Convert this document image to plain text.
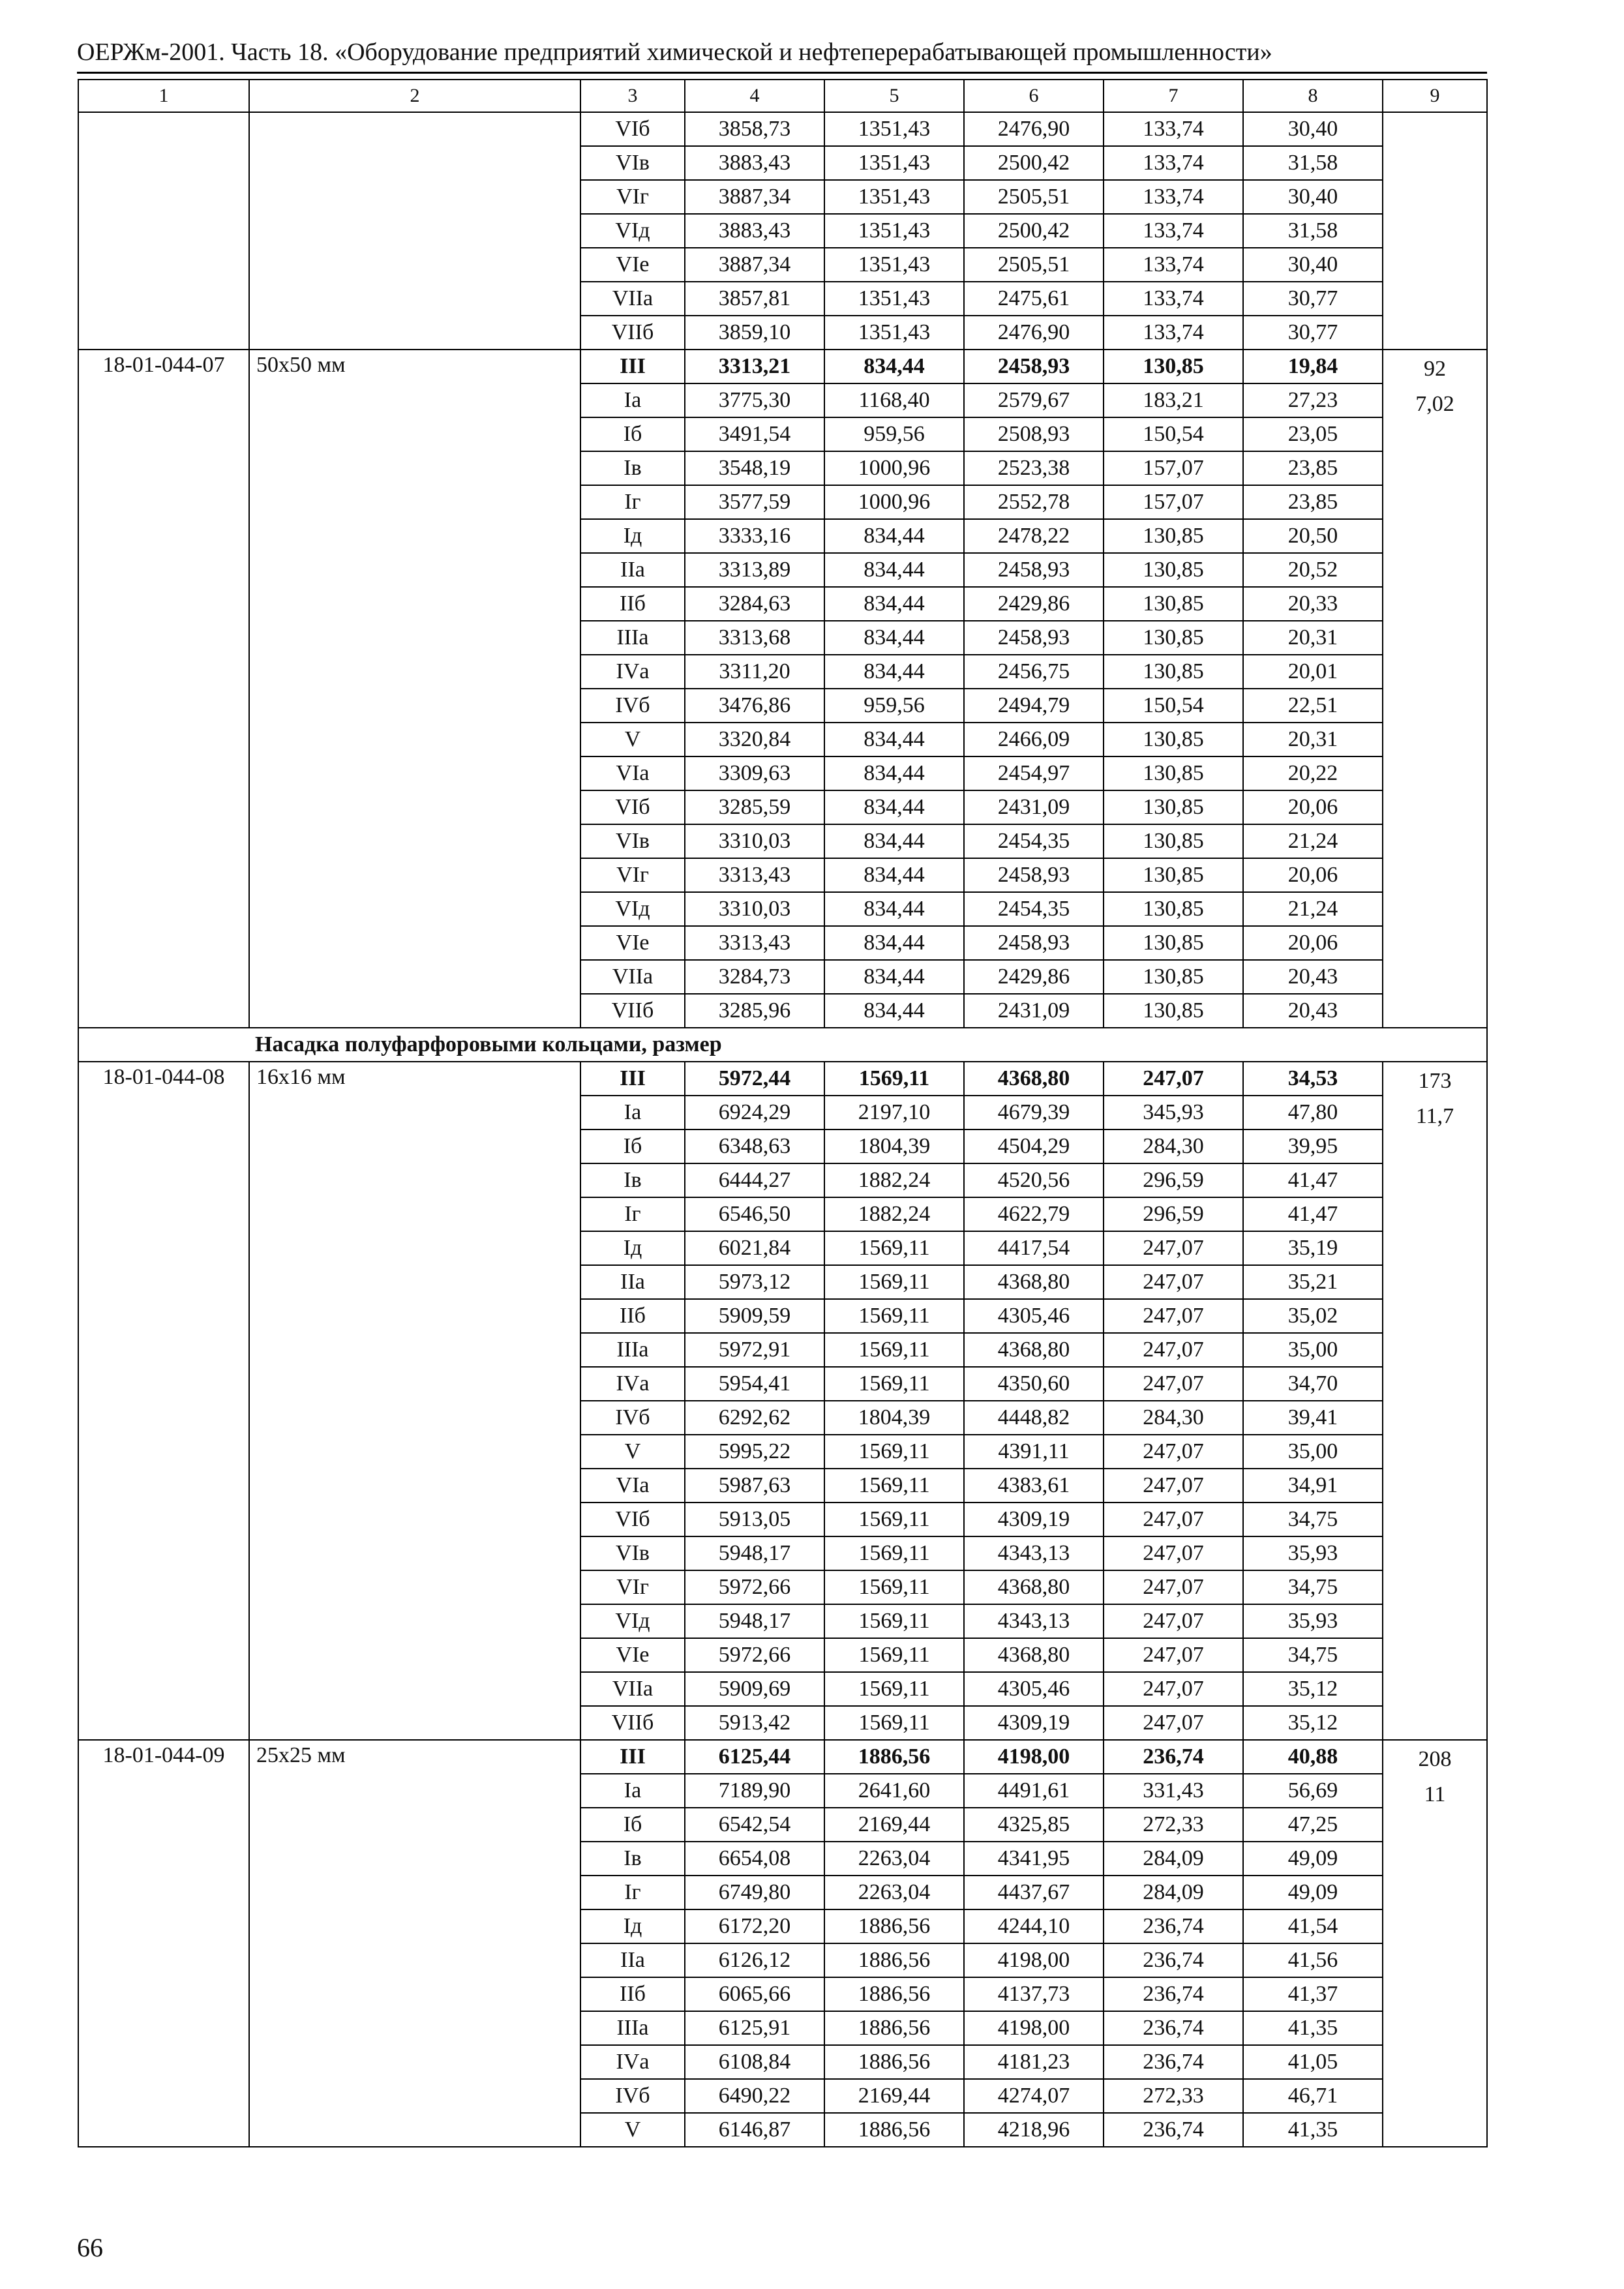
ОЕРЖм-2001. Часть 18. «Оборудование предприятий химической и нефтеперерабатывающей промышленности»
1	2	3	4	5	6	7	8	9
		VIб	3858,73	1351,43	2476,90	133,74	30,40	
		VIв	3883,43	1351,43	2500,42	133,74	31,58	
		VIг	3887,34	1351,43	2505,51	133,74	30,40	
		VIд	3883,43	1351,43	2500,42	133,74	31,58	
		VIе	3887,34	1351,43	2505,51	133,74	30,40	
		VIIа	3857,81	1351,43	2475,61	133,74	30,77	
		VIIб	3859,10	1351,43	2476,90	133,74	30,77	
18-01-044-07	50x50 мм	III	3313,21	834,44	2458,93	130,85	19,84	92
7,02

		Iа	3775,30	1168,40	2579,67	183,21	27,23	
		Iб	3491,54	959,56	2508,93	150,54	23,05	
		Iв	3548,19	1000,96	2523,38	157,07	23,85	
		Iг	3577,59	1000,96	2552,78	157,07	23,85	
		Iд	3333,16	834,44	2478,22	130,85	20,50	
		IIа	3313,89	834,44	2458,93	130,85	20,52	
		IIб	3284,63	834,44	2429,86	130,85	20,33	
		IIIа	3313,68	834,44	2458,93	130,85	20,31	
		IVа	3311,20	834,44	2456,75	130,85	20,01	
		IVб	3476,86	959,56	2494,79	150,54	22,51	
		V	3320,84	834,44	2466,09	130,85	20,31	
		VIа	3309,63	834,44	2454,97	130,85	20,22	
		VIб	3285,59	834,44	2431,09	130,85	20,06	
		VIв	3310,03	834,44	2454,35	130,85	21,24	
		VIг	3313,43	834,44	2458,93	130,85	20,06	
		VIд	3310,03	834,44	2454,35	130,85	21,24	
		VIе	3313,43	834,44	2458,93	130,85	20,06	
		VIIа	3284,73	834,44	2429,86	130,85	20,43	
		VIIб	3285,96	834,44	2431,09	130,85	20,43	
Насадка полуфарфоровыми кольцами, размер								
18-01-044-08	16x16 мм	III	5972,44	1569,11	4368,80	247,07	34,53	173
11,7

		Iа	6924,29	2197,10	4679,39	345,93	47,80	
		Iб	6348,63	1804,39	4504,29	284,30	39,95	
		Iв	6444,27	1882,24	4520,56	296,59	41,47	
		Iг	6546,50	1882,24	4622,79	296,59	41,47	
		Iд	6021,84	1569,11	4417,54	247,07	35,19	
		IIа	5973,12	1569,11	4368,80	247,07	35,21	
		IIб	5909,59	1569,11	4305,46	247,07	35,02	
		IIIа	5972,91	1569,11	4368,80	247,07	35,00	
		IVа	5954,41	1569,11	4350,60	247,07	34,70	
		IVб	6292,62	1804,39	4448,82	284,30	39,41	
		V	5995,22	1569,11	4391,11	247,07	35,00	
		VIа	5987,63	1569,11	4383,61	247,07	34,91	
		VIб	5913,05	1569,11	4309,19	247,07	34,75	
		VIв	5948,17	1569,11	4343,13	247,07	35,93	
		VIг	5972,66	1569,11	4368,80	247,07	34,75	
		VIд	5948,17	1569,11	4343,13	247,07	35,93	
		VIе	5972,66	1569,11	4368,80	247,07	34,75	
		VIIа	5909,69	1569,11	4305,46	247,07	35,12	
		VIIб	5913,42	1569,11	4309,19	247,07	35,12	
18-01-044-09	25x25 мм	III	6125,44	1886,56	4198,00	236,74	40,88	208
11

		Iа	7189,90	2641,60	4491,61	331,43	56,69	
		Iб	6542,54	2169,44	4325,85	272,33	47,25	
		Iв	6654,08	2263,04	4341,95	284,09	49,09	
		Iг	6749,80	2263,04	4437,67	284,09	49,09	
		Iд	6172,20	1886,56	4244,10	236,74	41,54	
		IIа	6126,12	1886,56	4198,00	236,74	41,56	
		IIб	6065,66	1886,56	4137,73	236,74	41,37	
		IIIа	6125,91	1886,56	4198,00	236,74	41,35	
		IVа	6108,84	1886,56	4181,23	236,74	41,05	
		IVб	6490,22	2169,44	4274,07	272,33	46,71	
		V	6146,87	1886,56	4218,96	236,74	41,35	
66
